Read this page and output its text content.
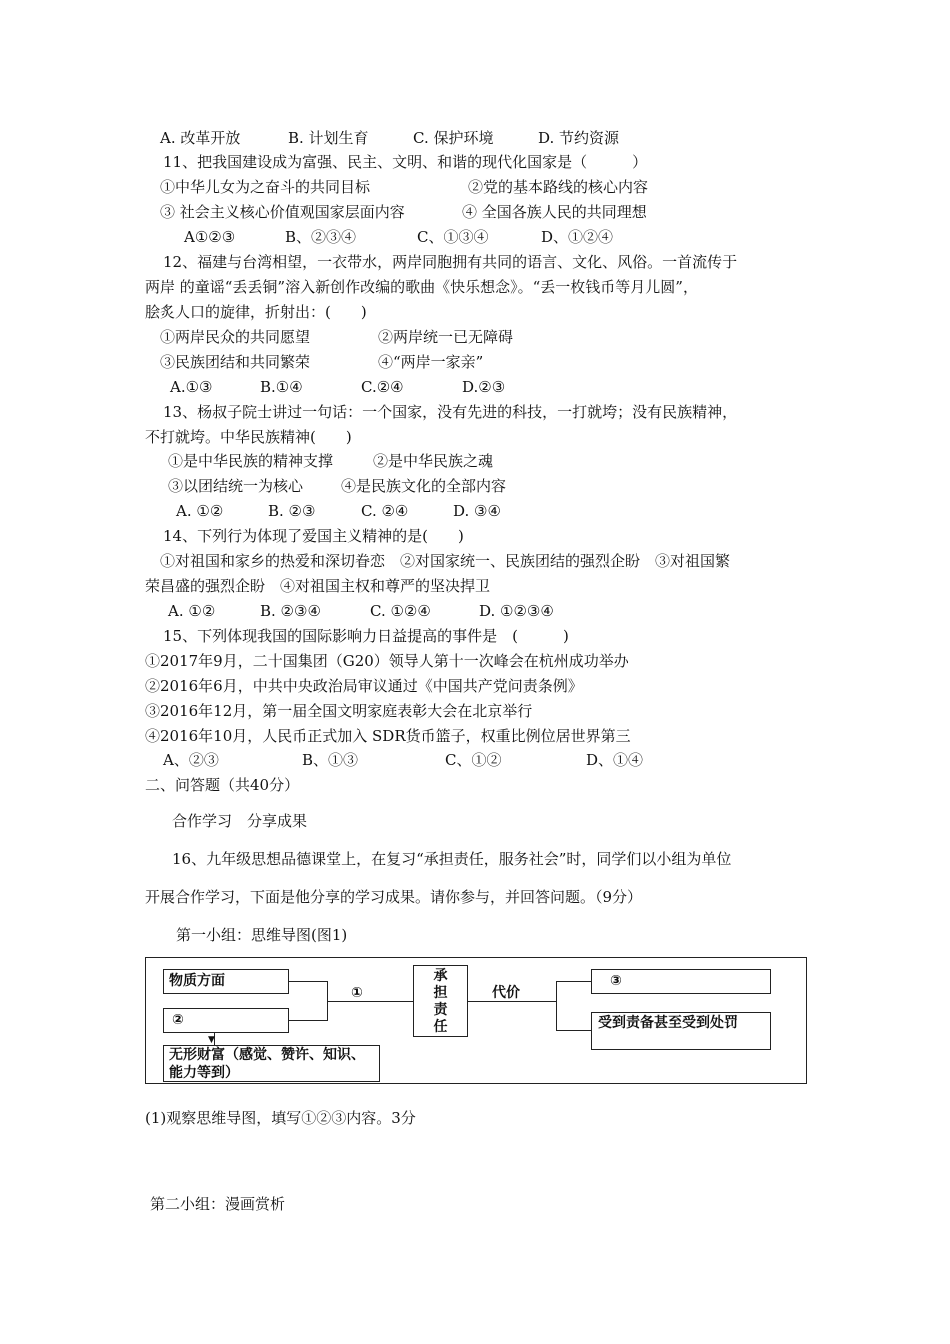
A. 改革开放	B. 计划生育	C. 保护环境	D. 节约资源
11、把我国建设成为富强、民主、文明、和谐的现代化国家是（　　　）
①中华儿女为之奋斗的共同目标	②党的基本路线的核心内容
③ 社会主义核心价值观国家层面内容	④ 全国各族人民的共同理想
A①②③	B、②③④	C、①③④	D、①②④
12、福建与台湾相望，一衣带水，两岸同胞拥有共同的语言、文化、风俗。一首流传于
两岸 的童谣“丢丢铜”溶入新创作改编的歌曲《快乐想念》。“丢一枚钱币等月儿圆”，
脍炙人口的旋律，折射出：(　　)
①两岸民众的共同愿望	②两岸统一已无障碍
③民族团结和共同繁荣	④“两岸一家亲”
A.①③	B.①④	C.②④	D.②③
13、杨叔子院士讲过一句话：一个国家，没有先进的科技，一打就垮；没有民族精神，
不打就垮。中华民族精神(　　)
①是中华民族的精神支撑	②是中华民族之魂
③以团结统一为核心	④是民族文化的全部内容
A. ①②	B. ②③	C. ②④	D. ③④
14、下列行为体现了爱国主义精神的是(　　)
①对祖国和家乡的热爱和深切眷恋　②对国家统一、民族团结的强烈企盼　③对祖国繁
荣昌盛的强烈企盼　④对祖国主权和尊严的坚决捍卫
A. ①②	B. ②③④	C. ①②④	D. ①②③④
15、下列体现我国的国际影响力日益提高的事件是　(　　　)
①2017年9月，二十国集团（G20）领导人第十一次峰会在杭州成功举办
②2016年6月，中共中央政治局审议通过《中国共产党问责条例》
③2016年12月，第一届全国文明家庭表彰大会在北京举行
④2016年10月，人民币正式加入 SDR货币篮子，权重比例位居世界第三
A、②③	B、①③	C、①②	D、①④
二、问答题（共40分）
合作学习　分享成果
16、九年级思想品德课堂上，在复习“承担责任，服务社会”时，同学们以小组为单位
开展合作学习，下面是他分享的学习成果。请你参与，并回答问题。（9分）
第一小组：思维导图(图1)
物质方面
②
▼
无形财富（感觉、赞许、知识、能力等到）
①
承
担
责
任
代价
③
受到责备甚至受到处罚
(1)观察思维导图，填写①②③内容。3分
第二小组：漫画赏析
